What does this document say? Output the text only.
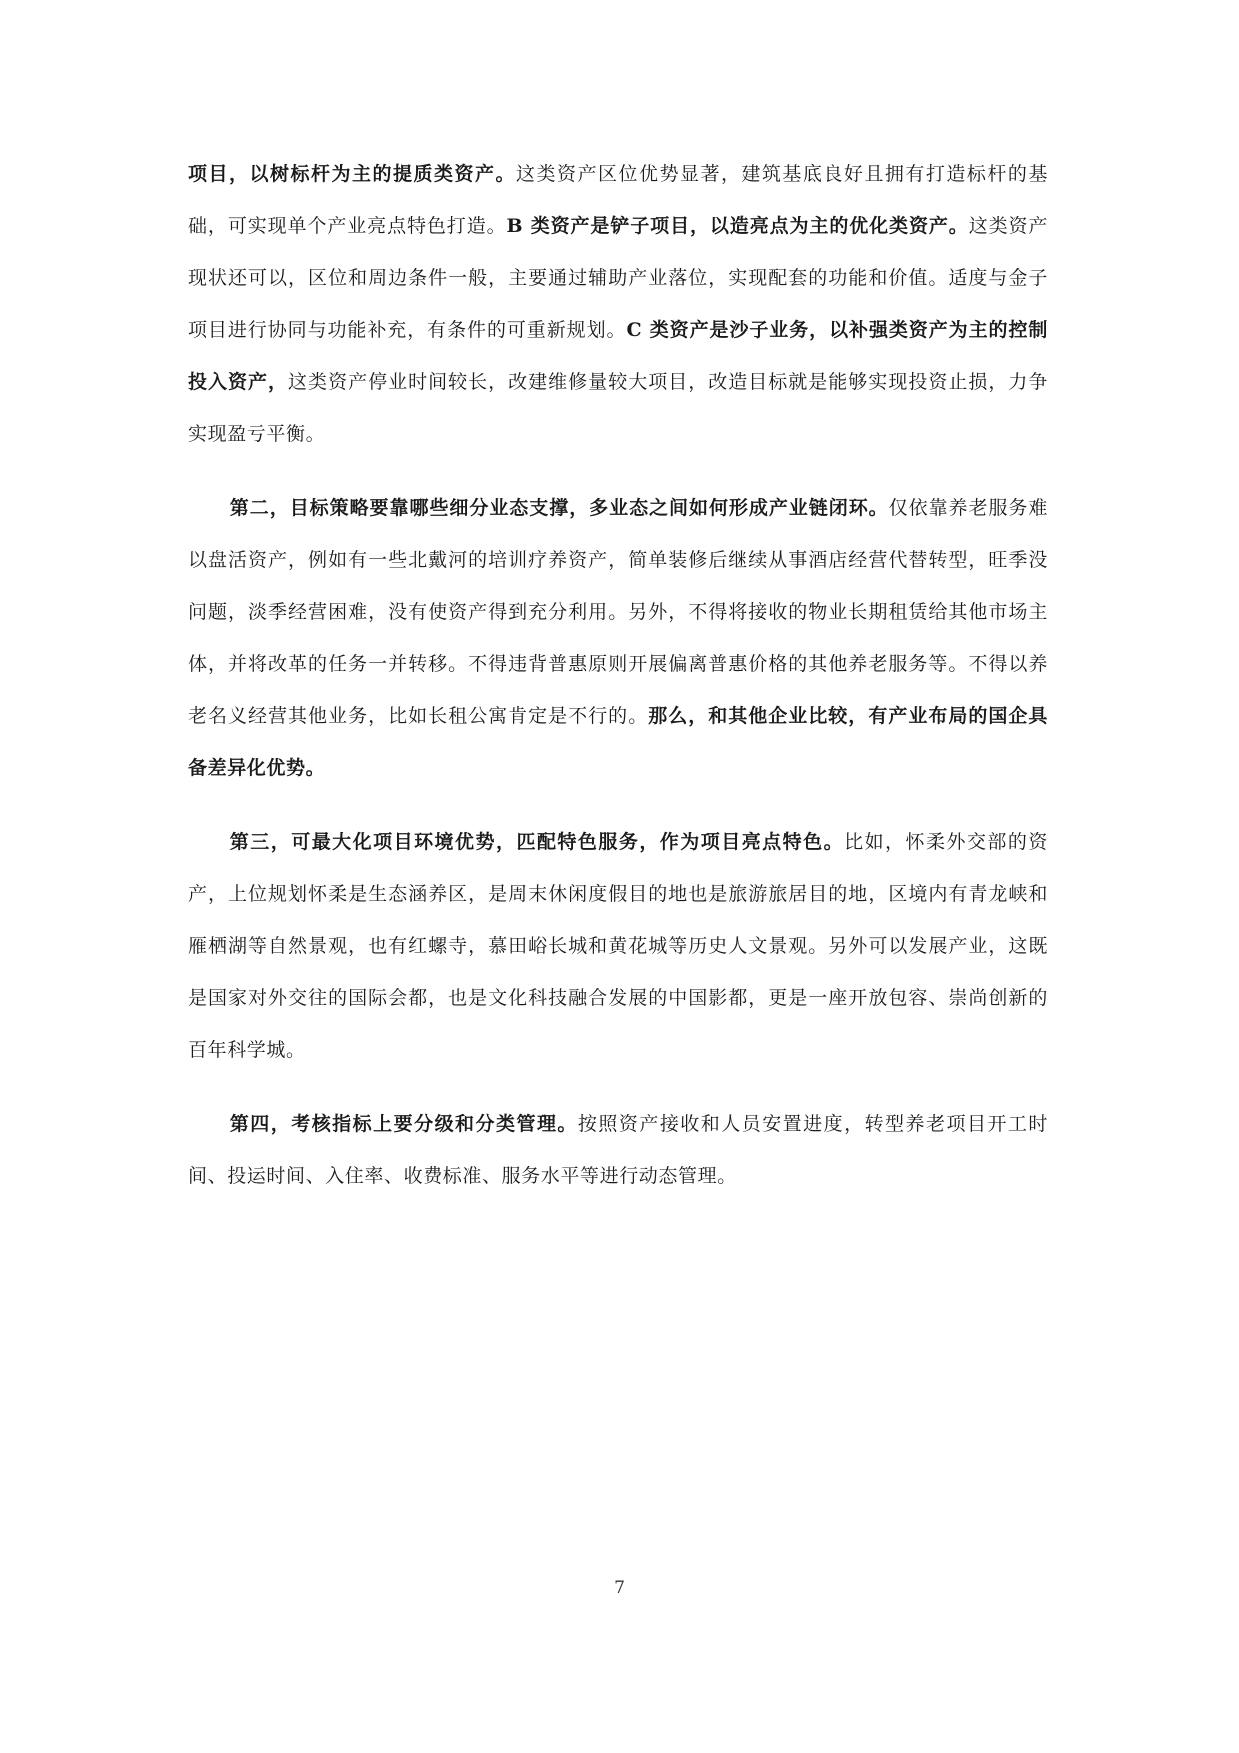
项目，以树标杆为主的提质类资产。这类资产区位优势显著，建筑基底良好且拥有打造标杆的基础，可实现单个产业亮点特色打造。B 类资产是铲子项目，以造亮点为主的优化类资产。这类资产现状还可以，区位和周边条件一般，主要通过辅助产业落位，实现配套的功能和价值。适度与金子项目进行协同与功能补充，有条件的可重新规划。C 类资产是沙子业务，以补强类资产为主的控制投入资产，这类资产停业时间较长，改建维修量较大项目，改造目标就是能够实现投资止损，力争实现盈亏平衡。

第二，目标策略要靠哪些细分业态支撑，多业态之间如何形成产业链闭环。仅依靠养老服务难以盘活资产，例如有一些北戴河的培训疗养资产，简单装修后继续从事酒店经营代替转型，旺季没问题，淡季经营困难，没有使资产得到充分利用。另外，不得将接收的物业长期租赁给其他市场主体，并将改革的任务一并转移。不得违背普惠原则开展偏离普惠价格的其他养老服务等。不得以养老名义经营其他业务，比如长租公寓肯定是不行的。那么，和其他企业比较，有产业布局的国企具备差异化优势。

第三，可最大化项目环境优势，匹配特色服务，作为项目亮点特色。比如，怀柔外交部的资产，上位规划怀柔是生态涵养区，是周末休闲度假目的地也是旅游旅居目的地，区境内有青龙峡和雁栖湖等自然景观，也有红螺寺，慕田峪长城和黄花城等历史人文景观。另外可以发展产业，这既是国家对外交往的国际会都，也是文化科技融合发展的中国影都，更是一座开放包容、崇尚创新的百年科学城。

第四，考核指标上要分级和分类管理。按照资产接收和人员安置进度，转型养老项目开工时间、投运时间、入住率、收费标准、服务水平等进行动态管理。

7
